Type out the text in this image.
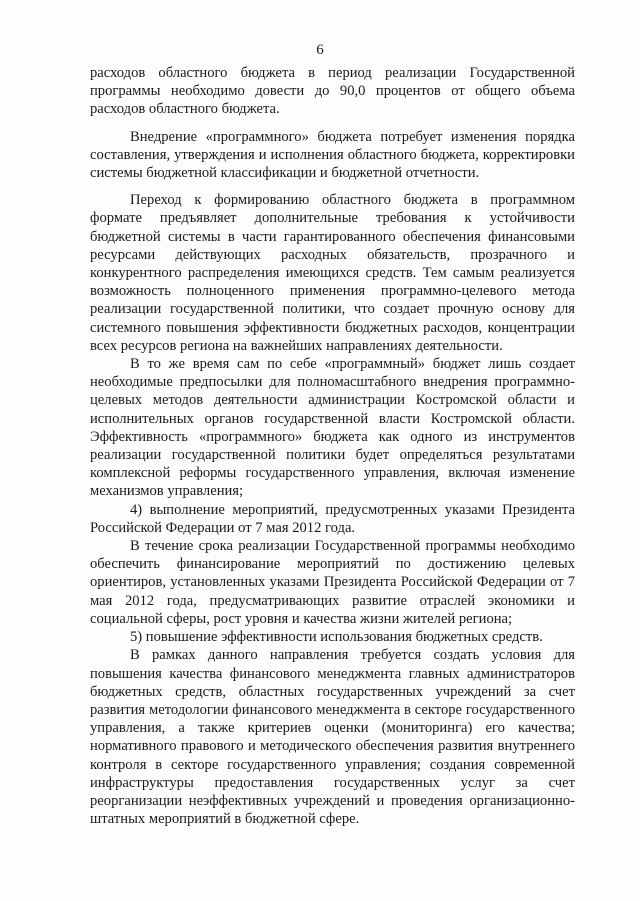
6

расходов областного бюджета в период реализации Государственной программы необходимо довести до 90,0 процентов от общего объема расходов областного бюджета.

Внедрение «программного» бюджета потребует изменения порядка составления, утверждения и исполнения областного бюджета, корректировки системы бюджетной классификации и бюджетной отчетности.

Переход к формированию областного бюджета в программном формате предъявляет дополнительные требования к устойчивости бюджетной системы в части гарантированного обеспечения финансовыми ресурсами действующих расходных обязательств, прозрачного и конкурентного распределения имеющихся средств. Тем самым реализуется возможность полноценного применения программно-целевого метода реализации государственной политики, что создает прочную основу для системного повышения эффективности бюджетных расходов, концентрации всех ресурсов региона на важнейших направлениях деятельности.

В то же время сам по себе «программный» бюджет лишь создает необходимые предпосылки для полномасштабного внедрения программно-целевых методов деятельности администрации Костромской области и исполнительных органов государственной власти Костромской области. Эффективность «программного» бюджета как одного из инструментов реализации государственной политики будет определяться результатами комплексной реформы государственного управления, включая изменение механизмов управления;

4) выполнение мероприятий, предусмотренных указами Президента Российской Федерации от 7 мая 2012 года.

В течение срока реализации Государственной программы необходимо обеспечить финансирование мероприятий по достижению целевых ориентиров, установленных указами Президента Российской Федерации от 7 мая 2012 года, предусматривающих развитие отраслей экономики и социальной сферы, рост уровня и качества жизни жителей региона;

5) повышение эффективности использования бюджетных средств.

В рамках данного направления требуется создать условия для повышения качества финансового менеджмента главных администраторов бюджетных средств, областных государственных учреждений за счет развития методологии финансового менеджмента в секторе государственного управления, а также критериев оценки (мониторинга) его качества; нормативного правового и методического обеспечения развития внутреннего контроля в секторе государственного управления; создания современной инфраструктуры предоставления государственных услуг за счет реорганизации неэффективных учреждений и проведения организационно-штатных мероприятий в бюджетной сфере.
